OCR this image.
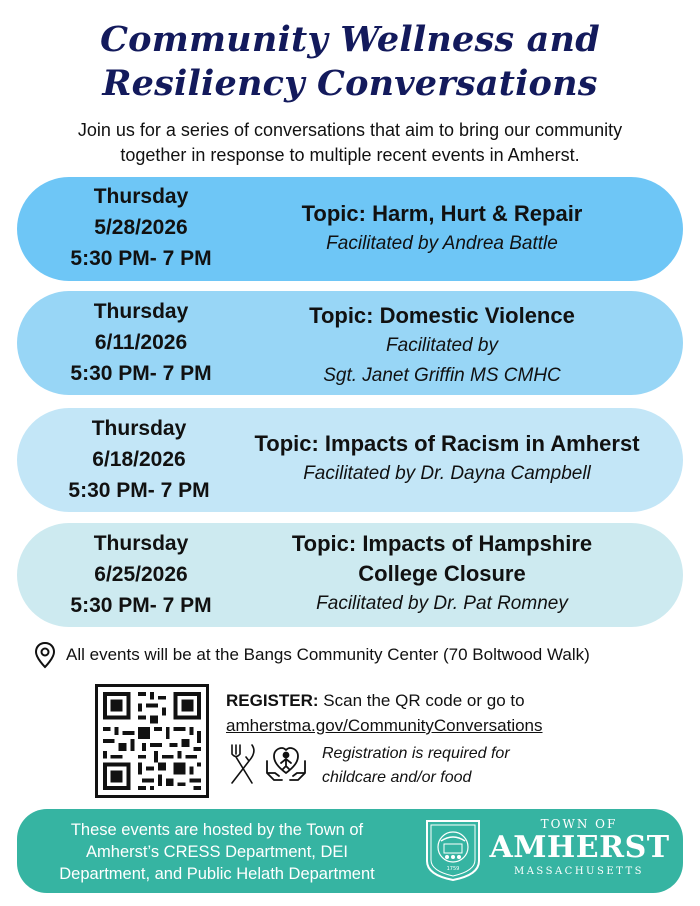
Community Wellness and
Resiliency Conversations
Join us for a series of conversations that aim to bring our community
together in response to multiple recent events in Amherst.
Thursday
5/28/2026
5:30 PM- 7 PM
Topic: Harm, Hurt & Repair
Facilitated by Andrea Battle
Thursday
6/11/2026
5:30 PM- 7 PM
Topic: Domestic Violence
Facilitated by
Sgt. Janet Griffin MS CMHC
Thursday
6/18/2026
5:30 PM- 7 PM
Topic: Impacts of Racism in Amherst
Facilitated by Dr. Dayna Campbell
Thursday
6/25/2026
5:30 PM- 7 PM
Topic: Impacts of Hampshire
College Closure
Facilitated by Dr. Pat Romney
All events will be at the Bangs Community Center (70 Boltwood Walk)
REGISTER: Scan the QR code or go to
amherstma.gov/CommunityConversations
Registration is required for
childcare and/or food
These events are hosted by the Town of
Amherst’s CRESS Department, DEI
Department, and Public Helath Department	1759
TOWN OF
AMHERST
MASSACHUSETTS
